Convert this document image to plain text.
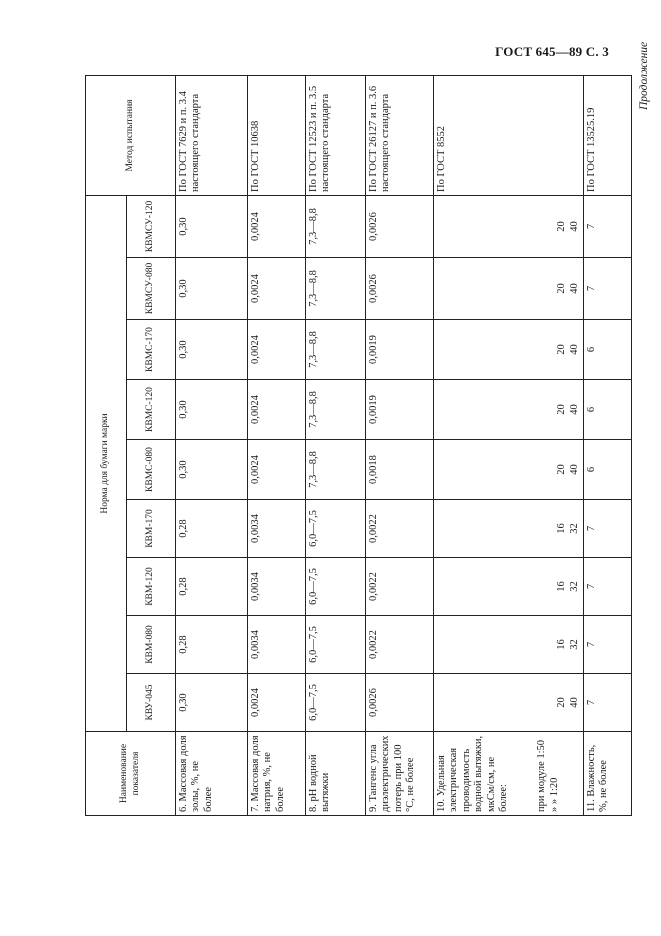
ГОСТ 645—89 С. 3	Продолжение
Наименование показателя	Норма для бумаги марки									Метод испытания
	КВУ-045	КВМ-080	КВМ-120	КВМ-170	КВМС-080	КВМС-120	КВМС-170	КВМСУ-080	КВМСУ-120	
6. Массовая доля золы, %, не более	0,30	0,28	0,28	0,28	0,30	0,30	0,30	0,30	0,30	По ГОСТ 7629 и п. 3.4 настоящего стандарта
7. Массовая доля натрия, %, не более	0,0024	0,0034	0,0034	0,0034	0,0024	0,0024	0,0024	0,0024	0,0024	По ГОСТ 10638
8. pH водной вытяжки	6,0—7,5	6,0—7,5	6,0—7,5	6,0—7,5	7,3—8,8	7,3—8,8	7,3—8,8	7,3—8,8	7,3—8,8	По ГОСТ 12523 и п. 3.5 настоящего стандарта
9. Тангенс угла диэлектрических потерь при 100 °С, не более	0,0026	0,0022	0,0022	0,0022	0,0018	0,0019	0,0019	0,0026	0,0026	По ГОСТ 26127 и п. 3.6 настоящего стандарта

10. Удельная электрическая проводимость водной вытяжки, мкСм/см, не более: при модуле 1:50 » » 1:20	20 40	16 32	16 32	16 32	20 40	20 40	20 40	20 40	20 40	По ГОСТ 8552
11. Влажность, %, не более	7	7	7	7	6	6	6	7	7	По ГОСТ 13525.19
